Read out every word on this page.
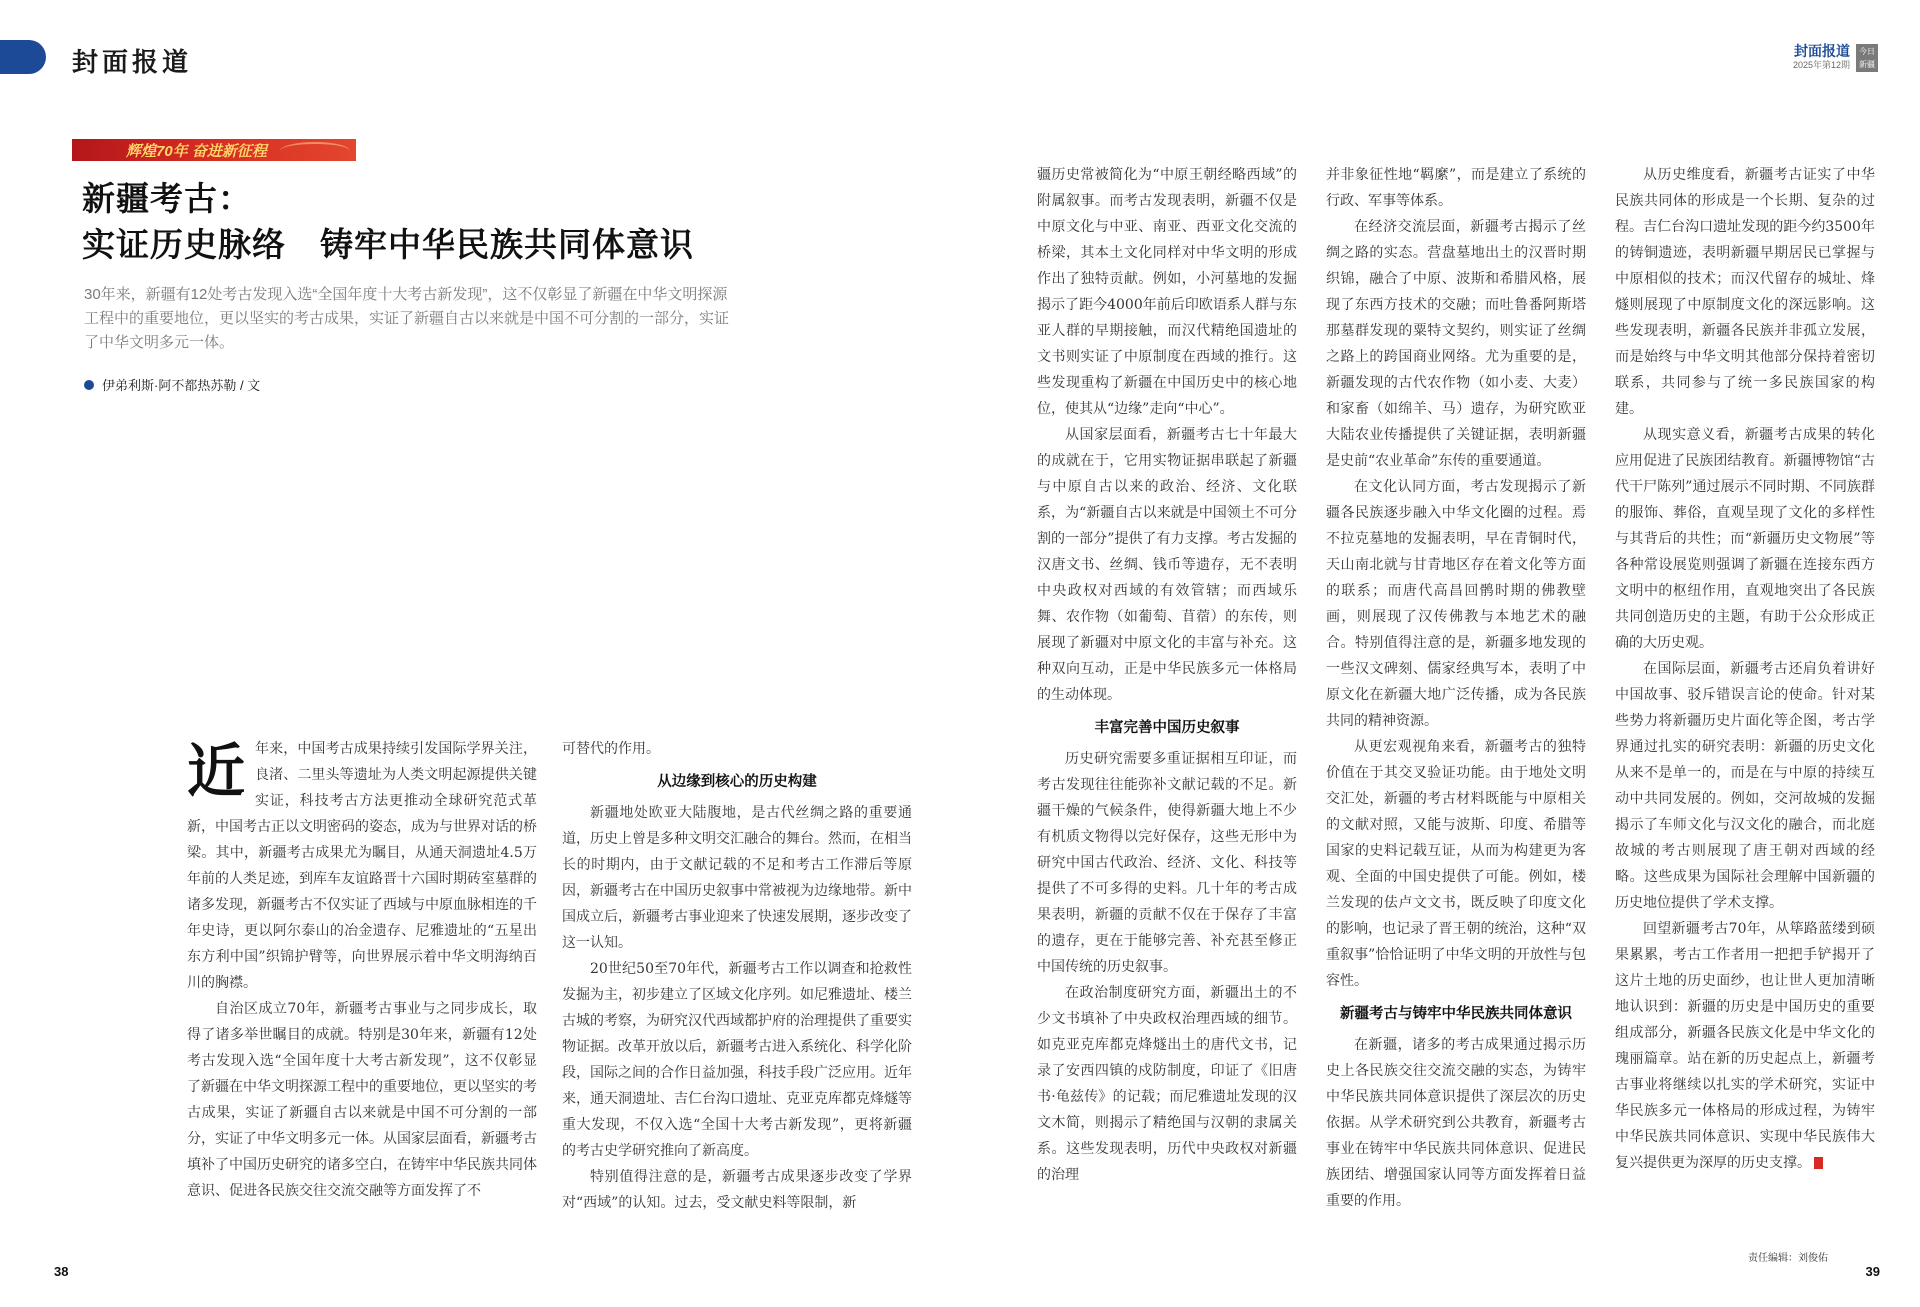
封面报道	封面报道
2025年第12期
今日新疆
辉煌70年 奋进新征程
新疆考古：
实证历史脉络　铸牢中华民族共同体意识
30年来，新疆有12处考古发现入选“全国年度十大考古新发现”，这不仅彰显了新疆在中华文明探源工程中的重要地位，更以坚实的考古成果，实证了新疆自古以来就是中国不可分割的一部分，实证了中华文明多元一体。
伊弟利斯·阿不都热苏勒 / 文

近年来，中国考古成果持续引发国际学界关注，良渚、二里头等遗址为人类文明起源提供关键实证，科技考古方法更推动全球研究范式革新，中国考古正以文明密码的姿态，成为与世界对话的桥梁。其中，新疆考古成果尤为瞩目，从通天洞遗址4.5万年前的人类足迹，到库车友谊路晋十六国时期砖室墓群的诸多发现，新疆考古不仅实证了西域与中原血脉相连的千年史诗，更以阿尔泰山的冶金遗存、尼雅遗址的“五星出东方利中国”织锦护臂等，向世界展示着中华文明海纳百川的胸襟。

自治区成立70年，新疆考古事业与之同步成长，取得了诸多举世瞩目的成就。特别是30年来，新疆有12处考古发现入选“全国年度十大考古新发现”，这不仅彰显了新疆在中华文明探源工程中的重要地位，更以坚实的考古成果，实证了新疆自古以来就是中国不可分割的一部分，实证了中华文明多元一体。从国家层面看，新疆考古填补了中国历史研究的诸多空白，在铸牢中华民族共同体意识、促进各民族交往交流交融等方面发挥了不

可替代的作用。

从边缘到核心的历史构建

新疆地处欧亚大陆腹地，是古代丝绸之路的重要通道，历史上曾是多种文明交汇融合的舞台。然而，在相当长的时期内，由于文献记载的不足和考古工作滞后等原因，新疆考古在中国历史叙事中常被视为边缘地带。新中国成立后，新疆考古事业迎来了快速发展期，逐步改变了这一认知。

20世纪50至70年代，新疆考古工作以调查和抢救性发掘为主，初步建立了区域文化序列。如尼雅遗址、楼兰古城的考察，为研究汉代西域都护府的治理提供了重要实物证据。改革开放以后，新疆考古进入系统化、科学化阶段，国际之间的合作日益加强，科技手段广泛应用。近年来，通天洞遗址、吉仁台沟口遗址、克亚克库都克烽燧等重大发现，不仅入选“全国十大考古新发现”，更将新疆的考古史学研究推向了新高度。

特别值得注意的是，新疆考古成果逐步改变了学界对“西域”的认知。过去，受文献史料等限制，新

疆历史常被简化为“中原王朝经略西域”的附属叙事。而考古发现表明，新疆不仅是中原文化与中亚、南亚、西亚文化交流的桥梁，其本土文化同样对中华文明的形成作出了独特贡献。例如，小河墓地的发掘揭示了距今4000年前后印欧语系人群与东亚人群的早期接触，而汉代精绝国遗址的文书则实证了中原制度在西域的推行。这些发现重构了新疆在中国历史中的核心地位，使其从“边缘”走向“中心”。

从国家层面看，新疆考古七十年最大的成就在于，它用实物证据串联起了新疆与中原自古以来的政治、经济、文化联系，为“新疆自古以来就是中国领土不可分割的一部分”提供了有力支撑。考古发掘的汉唐文书、丝绸、钱币等遗存，无不表明中央政权对西域的有效管辖；而西域乐舞、农作物（如葡萄、苜蓿）的东传，则展现了新疆对中原文化的丰富与补充。这种双向互动，正是中华民族多元一体格局的生动体现。

丰富完善中国历史叙事

历史研究需要多重证据相互印证，而考古发现往往能弥补文献记载的不足。新疆干燥的气候条件，使得新疆大地上不少有机质文物得以完好保存，这些无形中为研究中国古代政治、经济、文化、科技等提供了不可多得的史料。几十年的考古成果表明，新疆的贡献不仅在于保存了丰富的遗存，更在于能够完善、补充甚至修正中国传统的历史叙事。

在政治制度研究方面，新疆出土的不少文书填补了中央政权治理西域的细节。如克亚克库都克烽燧出土的唐代文书，记录了安西四镇的戍防制度，印证了《旧唐书·龟兹传》的记载；而尼雅遗址发现的汉文木简，则揭示了精绝国与汉朝的隶属关系。这些发现表明，历代中央政权对新疆的治理

并非象征性地“羁縻”，而是建立了系统的行政、军事等体系。

在经济交流层面，新疆考古揭示了丝绸之路的实态。营盘墓地出土的汉晋时期织锦，融合了中原、波斯和希腊风格，展现了东西方技术的交融；而吐鲁番阿斯塔那墓群发现的粟特文契约，则实证了丝绸之路上的跨国商业网络。尤为重要的是，新疆发现的古代农作物（如小麦、大麦）和家畜（如绵羊、马）遗存，为研究欧亚大陆农业传播提供了关键证据，表明新疆是史前“农业革命”东传的重要通道。

在文化认同方面，考古发现揭示了新疆各民族逐步融入中华文化圈的过程。焉不拉克墓地的发掘表明，早在青铜时代，天山南北就与甘青地区存在着文化等方面的联系；而唐代高昌回鹘时期的佛教壁画，则展现了汉传佛教与本地艺术的融合。特别值得注意的是，新疆多地发现的一些汉文碑刻、儒家经典写本，表明了中原文化在新疆大地广泛传播，成为各民族共同的精神资源。

从更宏观视角来看，新疆考古的独特价值在于其交叉验证功能。由于地处文明交汇处，新疆的考古材料既能与中原相关的文献对照，又能与波斯、印度、希腊等国家的史料记载互证，从而为构建更为客观、全面的中国史提供了可能。例如，楼兰发现的佉卢文文书，既反映了印度文化的影响，也记录了晋王朝的统治，这种“双重叙事”恰恰证明了中华文明的开放性与包容性。

新疆考古与铸牢中华民族共同体意识

在新疆，诸多的考古成果通过揭示历史上各民族交往交流交融的实态，为铸牢中华民族共同体意识提供了深层次的历史依据。从学术研究到公共教育，新疆考古事业在铸牢中华民族共同体意识、促进民族团结、增强国家认同等方面发挥着日益重要的作用。

从历史维度看，新疆考古证实了中华民族共同体的形成是一个长期、复杂的过程。吉仁台沟口遗址发现的距今约3500年的铸铜遗迹，表明新疆早期居民已掌握与中原相似的技术；而汉代留存的城址、烽燧则展现了中原制度文化的深远影响。这些发现表明，新疆各民族并非孤立发展，而是始终与中华文明其他部分保持着密切联系，共同参与了统一多民族国家的构建。

从现实意义看，新疆考古成果的转化应用促进了民族团结教育。新疆博物馆“古代干尸陈列”通过展示不同时期、不同族群的服饰、葬俗，直观呈现了文化的多样性与其背后的共性；而“新疆历史文物展”等各种常设展览则强调了新疆在连接东西方文明中的枢纽作用，直观地突出了各民族共同创造历史的主题，有助于公众形成正确的大历史观。

在国际层面，新疆考古还肩负着讲好中国故事、驳斥错误言论的使命。针对某些势力将新疆历史片面化等企图，考古学界通过扎实的研究表明：新疆的历史文化从来不是单一的，而是在与中原的持续互动中共同发展的。例如，交河故城的发掘揭示了车师文化与汉文化的融合，而北庭故城的考古则展现了唐王朝对西域的经略。这些成果为国际社会理解中国新疆的历史地位提供了学术支撑。

回望新疆考古70年，从筚路蓝缕到硕果累累，考古工作者用一把把手铲揭开了这片土地的历史面纱，也让世人更加清晰地认识到：新疆的历史是中国历史的重要组成部分，新疆各民族文化是中华文化的瑰丽篇章。站在新的历史起点上，新疆考古事业将继续以扎实的学术研究，实证中华民族多元一体格局的形成过程，为铸牢中华民族共同体意识、实现中华民族伟大复兴提供更为深厚的历史支撑。

38	39
责任编辑：刘俊佑
